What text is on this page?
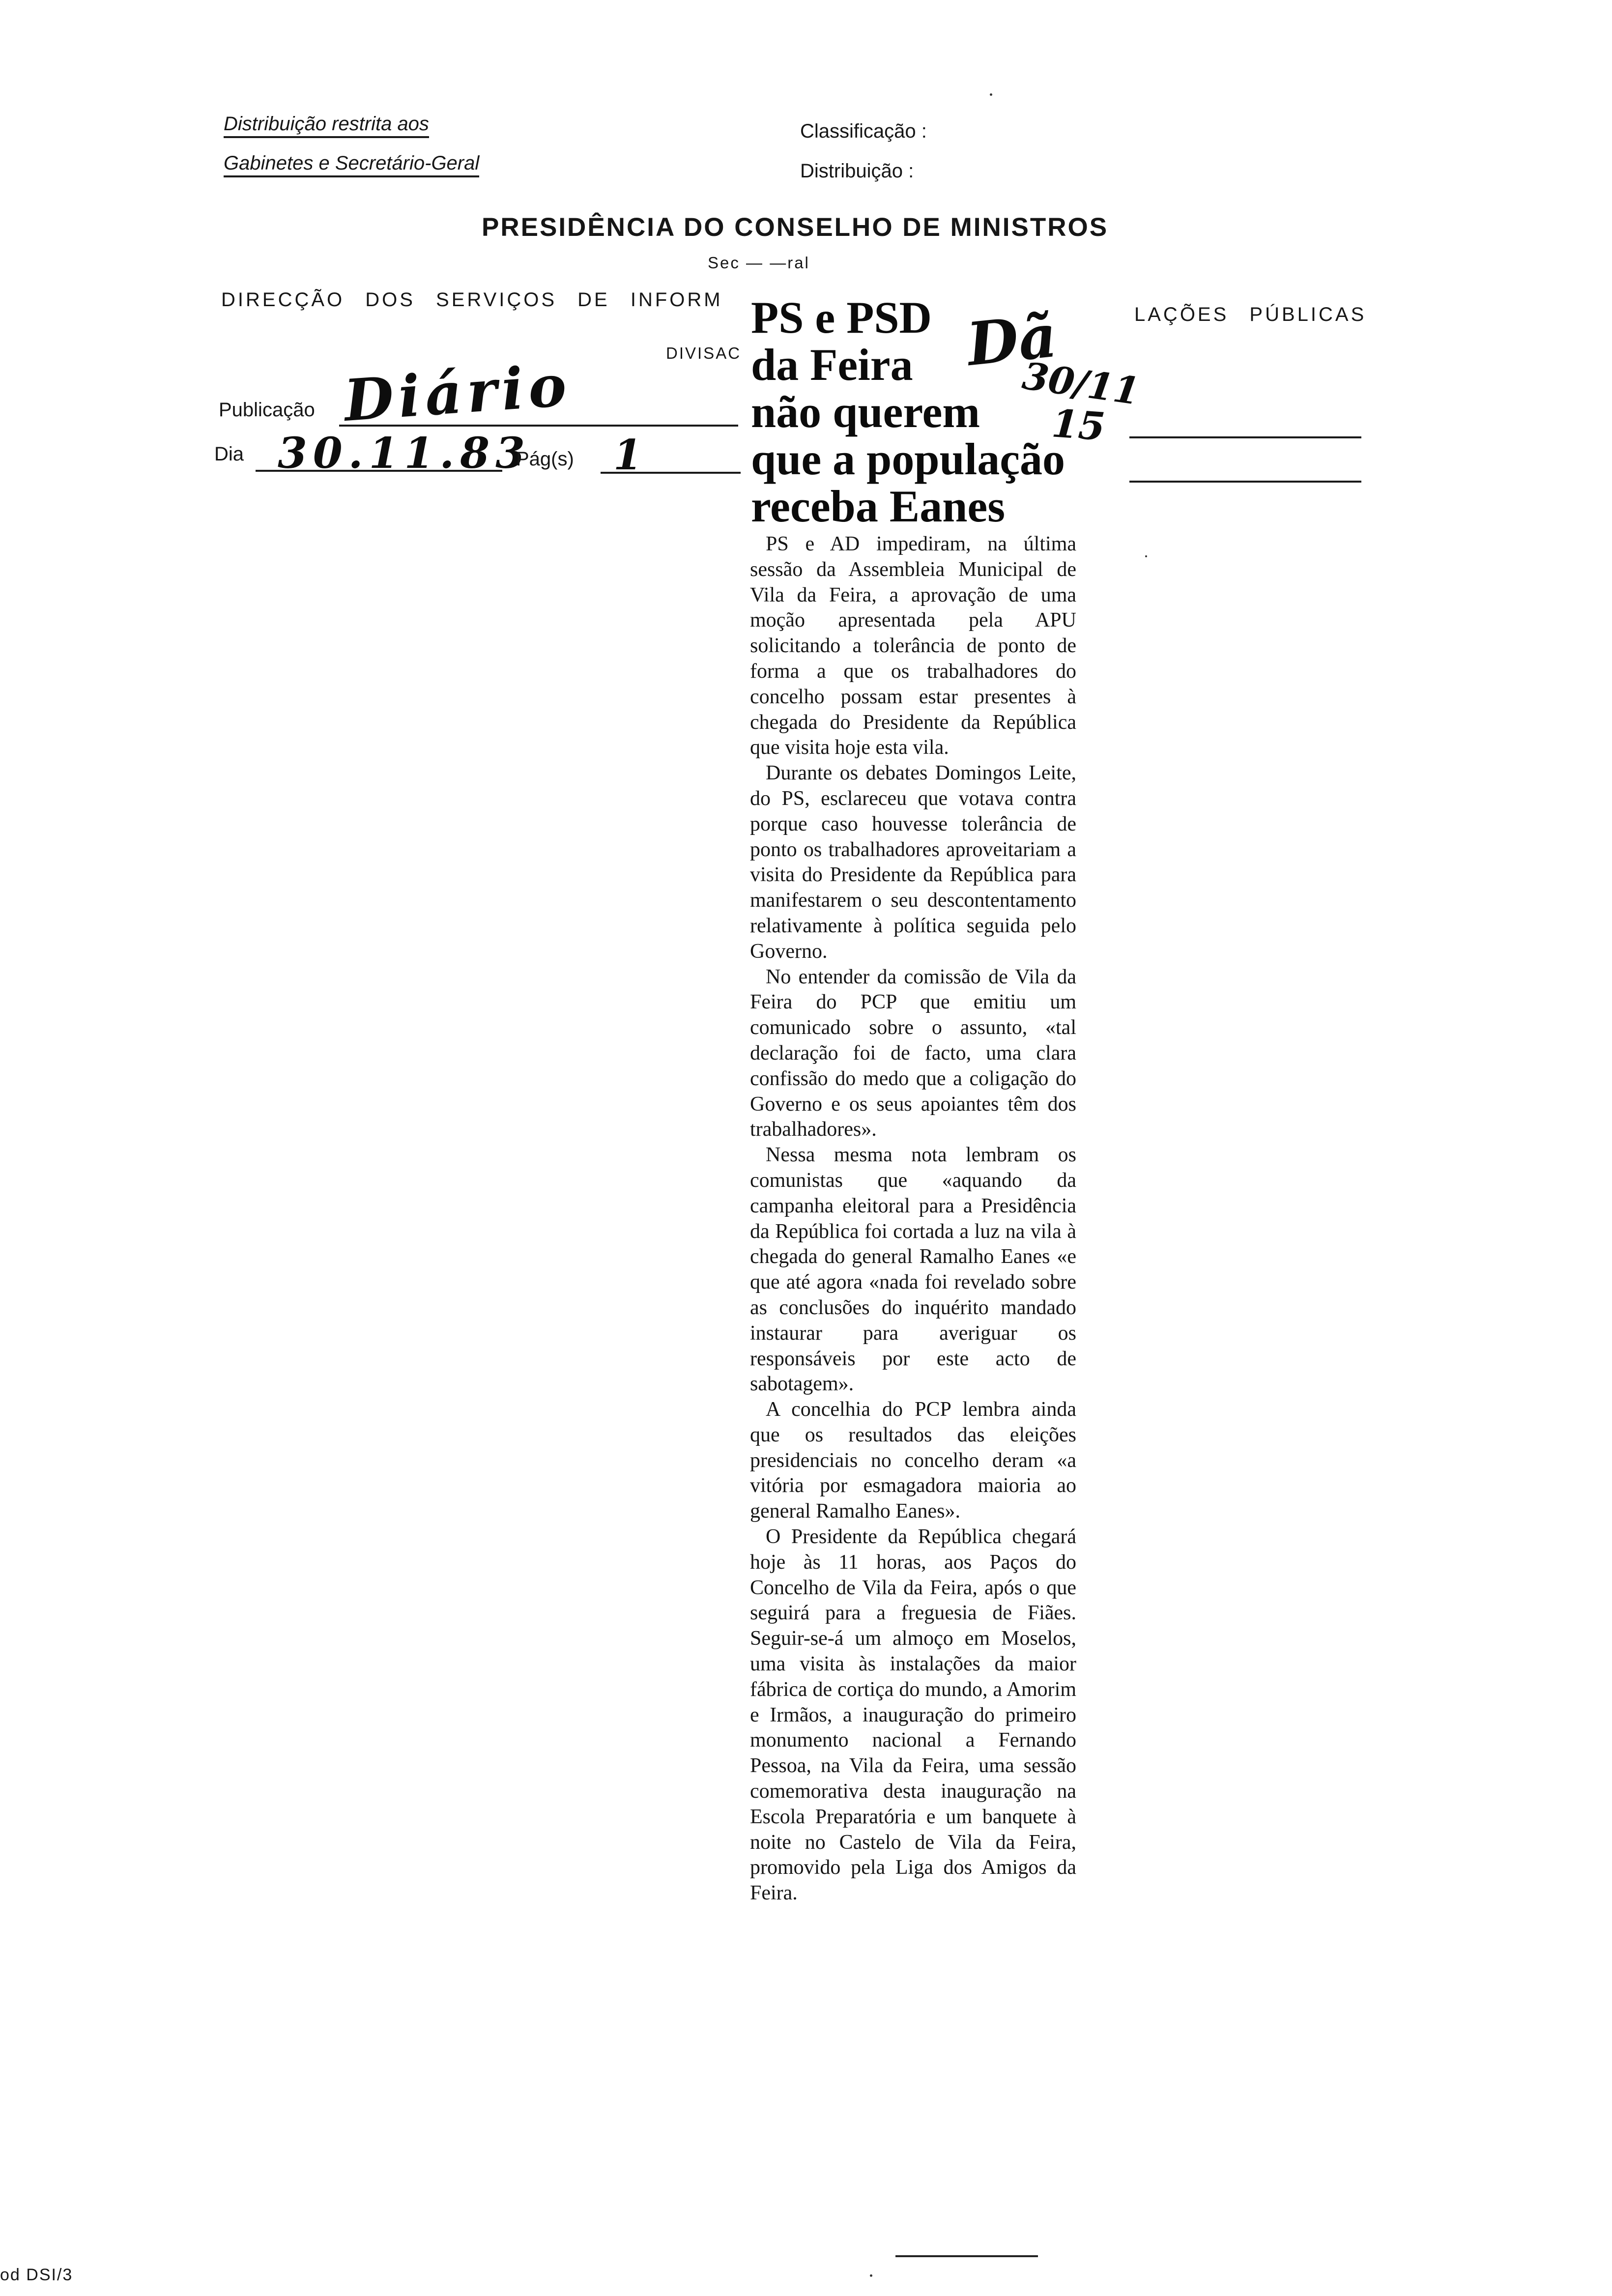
Distribuição restrita aos
Gabinetes e Secretário-Geral
Classificação :
Distribuição :
PRESIDÊNCIA DO CONSELHO DE MINISTROS
Sec — —ral
DIRECÇÃO DOS SERVIÇOS DE INFORM
LAÇÕES PÚBLICAS
DIVISAC
Publicação Diário
Dia 30.11.83
Pág(s) 1
Dã
30/11
15
PS e PSD
da Feira
não querem
que a população
receba Eanes

PS e AD impediram, na última sessão da Assembleia Municipal de Vila da Feira, a aprovação de uma moção apresentada pela APU solicitando a tolerância de ponto de forma a que os trabalhadores do concelho possam estar presentes à chegada do Presidente da República que visita hoje esta vila.

Durante os debates Domingos Leite, do PS, esclareceu que votava contra porque caso houvesse tolerância de ponto os trabalhadores aproveitariam a visita do Presidente da República para manifestarem o seu descontentamento relativamente à política seguida pelo Governo.

No entender da comissão de Vila da Feira do PCP que emitiu um comunicado sobre o assunto, «tal declaração foi de facto, uma clara confissão do medo que a coligação do Governo e os seus apoiantes têm dos trabalhadores».

Nessa mesma nota lembram os comunistas que «aquando da campanha eleitoral para a Presidência da República foi cortada a luz na vila à chegada do general Ramalho Eanes «e que até agora «nada foi revelado sobre as conclusões do inquérito mandado instaurar para averiguar os responsáveis por este acto de sabotagem».

A concelhia do PCP lembra ainda que os resultados das eleições presidenciais no concelho deram «a vitória por esmagadora maioria ao general Ramalho Eanes».

O Presidente da República chegará hoje às 11 horas, aos Paços do Concelho de Vila da Feira, após o que seguirá para a freguesia de Fiães. Seguir-se-á um almoço em Moselos, uma visita às instalações da maior fábrica de cortiça do mundo, a Amorim e Irmãos, a inauguração do primeiro monumento nacional a Fernando Pessoa, na Vila da Feira, uma sessão comemorativa desta inauguração na Escola Preparatória e um banquete à noite no Castelo de Vila da Feira, promovido pela Liga dos Amigos da Feira.

od DSI/3
